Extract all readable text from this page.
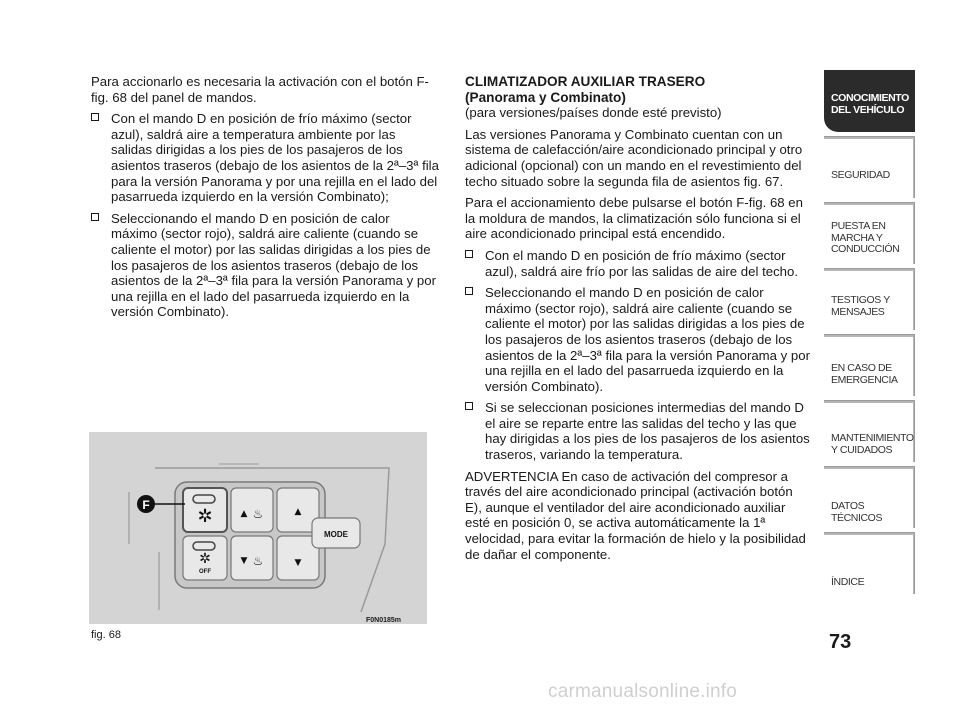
Para accionarlo es necesaria la activación con el botón F-fig. 68 del panel de mandos.

Con el mando D en posición de frío máximo (sector azul), saldrá aire a temperatura ambiente por las salidas dirigidas a los pies de los pasajeros de los asientos traseros (debajo de los asientos de la 2ª–3ª fila para la versión Panorama y por una rejilla en el lado del pasarrueda izquierdo en la versión Combinato);
Seleccionando el mando D en posición de calor máximo (sector rojo), saldrá aire caliente (cuando se caliente el motor) por las salidas dirigidas a los pies de los pasajeros de los asientos traseros (debajo de los asientos de la 2ª–3ª fila para la versión Panorama y por una rejilla en el lado del pasarrueda izquierdo en la versión Combinato).
CLIMATIZADOR AUXILIAR TRASERO
(Panorama y Combinato)

(para versiones/países donde esté previsto)

Las versiones Panorama y Combinato cuentan con un sistema de calefacción/aire acondicionado principal y otro adicional (opcional) con un mando en el revestimiento del techo situado sobre la segunda fila de asientos fig. 67.

Para el accionamiento debe pulsarse el botón F-fig. 68 en la moldura de mandos, la climatización sólo funciona si el aire acondicionado principal está encendido.

Con el mando D en posición de frío máximo (sector azul), saldrá aire frío por las salidas de aire del techo.
Seleccionando el mando D en posición de calor máximo (sector rojo), saldrá aire caliente (cuando se caliente el motor) por las salidas dirigidas a los pies de los pasajeros de los asientos traseros (debajo de los asientos de la 2ª–3ª fila para la versión Panorama y por una rejilla en el lado del pasarrueda izquierdo en la versión Combinato).
Si se seleccionan posiciones intermedias del mando D el aire se reparte entre las salidas del techo y las que hay dirigidas a los pies de los pasajeros de los asientos traseros, variando la temperatura.

ADVERTENCIA En caso de activación del compresor a través del aire acondicionado principal (activación botón E), aunque el ventilador del aire acondicionado auxiliar esté en posición 0, se activa automáticamente la 1ª velocidad, para evitar la formación de hielo y la posibilidad de dañar el componente.

✲
✲
OFF
▲ ♨
▼ ♨
▲
▼
MODE
F
F0N0185m
fig. 68
CONOCIMIENTO DEL VEHÍCULO
SEGURIDAD
PUESTA EN MARCHA Y CONDUCCIÓN
TESTIGOS Y MENSAJES
EN CASO DE EMERGENCIA
MANTENIMIENTO Y CUIDADOS
DATOS TÉCNICOS
ÍNDICE
73
carmanualsonline.info
